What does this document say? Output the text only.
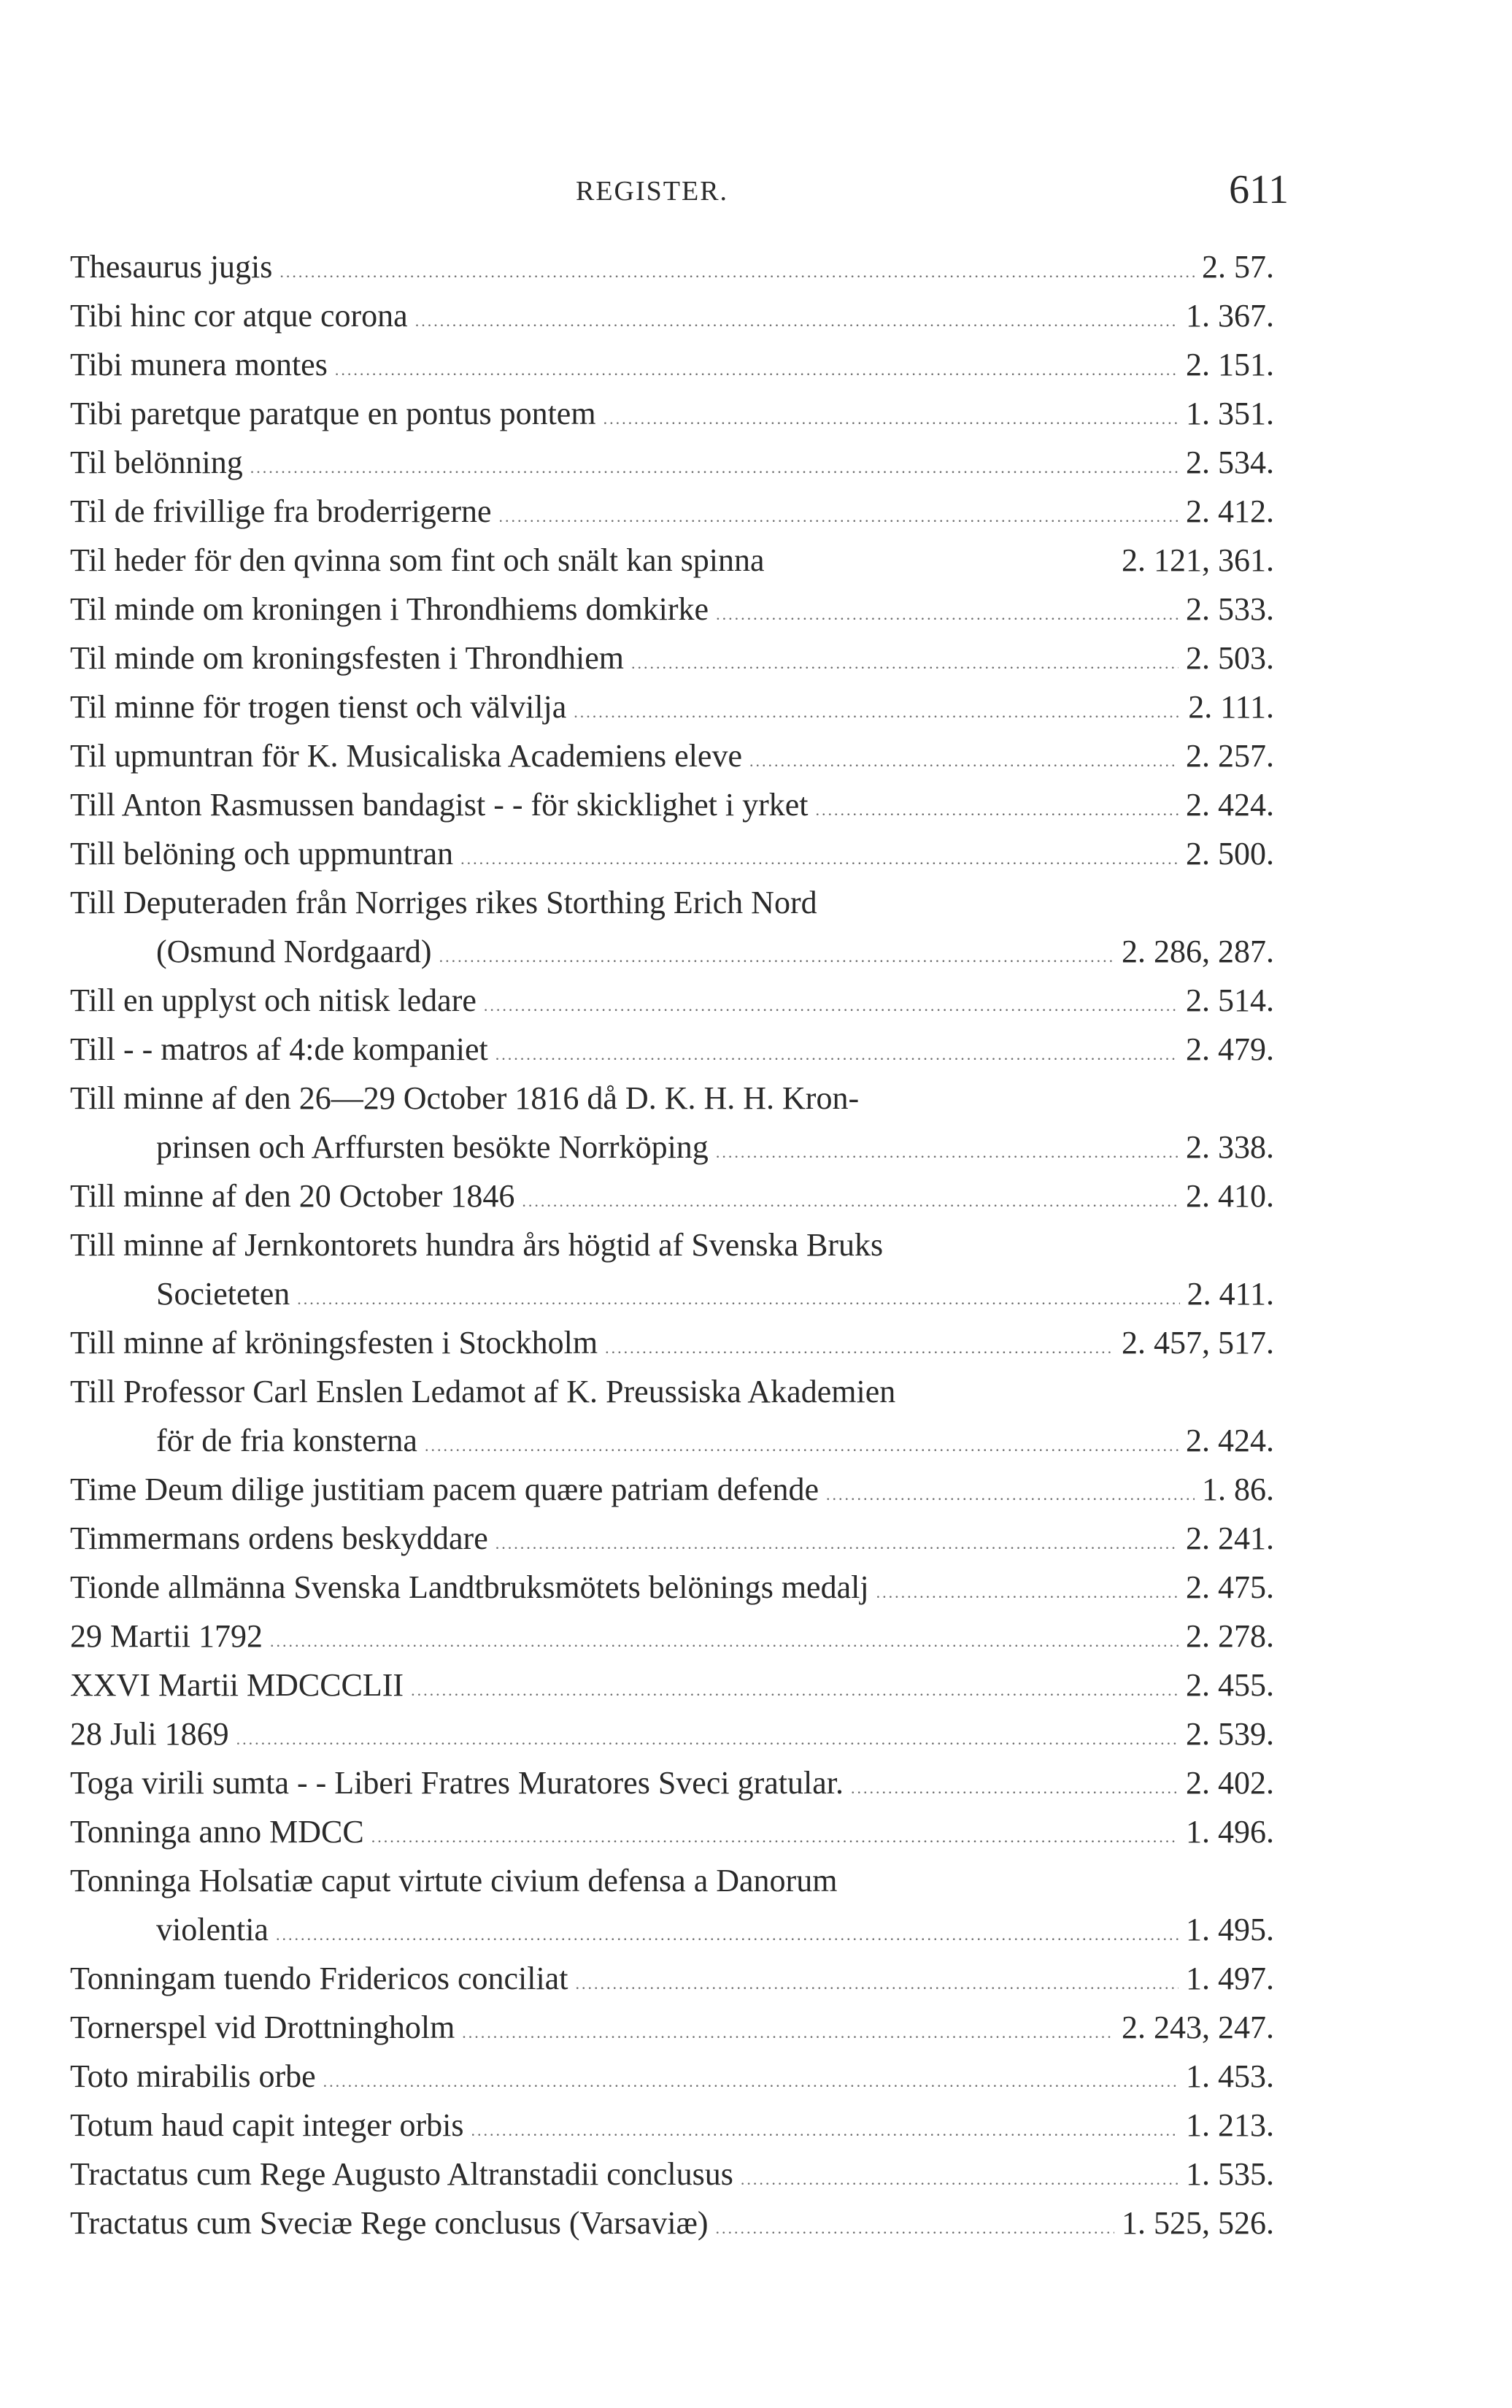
REGISTER.	611
Thesaurus jugis .....	2. 57.
Tibi hinc cor atque corona .....	1. 367.
Tibi munera montes .....	2. 151.
Tibi paretque paratque en pontus pontem .....	1. 351.
Til belönning .....	2. 534.
Til de frivillige fra broderrigerne .....	2. 412.
Til heder för den qvinna som fint och snält kan spinna	2. 121, 361.
Til minde om kroningen i Throndhiems domkirke .....	2. 533.
Til minde om kroningsfesten i Throndhiem .....	2. 503.
Til minne för trogen tienst och välvilja .....	2. 111.
Til upmuntran för K. Musicaliska Academiens eleve .....	2. 257.
Till Anton Rasmussen bandagist - - för skicklighet i yrket .....	2. 424.
Till belöning och uppmuntran .....	2. 500.
Till Deputeraden från Norriges rikes Storthing Erich Nord
(Osmund Nordgaard) .....	2. 286, 287.
Till en upplyst och nitisk ledare .....	2. 514.
Till - - matros af 4:de kompaniet .....	2. 479.
Till minne af den 26—29 October 1816 då D. K. H. H. Kron-
prinsen och Arffursten besökte Norrköping .....	2. 338.
Till minne af den 20 October 1846 .....	2. 410.
Till minne af Jernkontorets hundra års högtid af Svenska Bruks
Societeten .....	2. 411.
Till minne af kröningsfesten i Stockholm .....	2. 457, 517.
Till Professor Carl Enslen Ledamot af K. Preussiska Akademien
för de fria konsterna .....	2. 424.
Time Deum dilige justitiam pacem quære patriam defende .....	1. 86.
Timmermans ordens beskyddare .....	2. 241.
Tionde allmänna Svenska Landtbruksmötets belönings medalj .....	2. 475.
29 Martii 1792 .....	2. 278.
XXVI Martii MDCCCLII .....	2. 455.
28 Juli 1869 .....	2. 539.
Toga virili sumta - - Liberi Fratres Muratores Sveci gratular. .....	2. 402.
Tonninga anno MDCC .....	1. 496.
Tonninga Holsatiæ caput virtute civium defensa a Danorum
violentia .....	1. 495.
Tonningam tuendo Fridericos conciliat .....	1. 497.
Tornerspel vid Drottningholm .....	2. 243, 247.
Toto mirabilis orbe .....	1. 453.
Totum haud capit integer orbis .....	1. 213.
Tractatus cum Rege Augusto Altranstadii conclusus .....	1. 535.
Tractatus cum Sveciæ Rege conclusus (Varsaviæ) .....	1. 525, 526.
